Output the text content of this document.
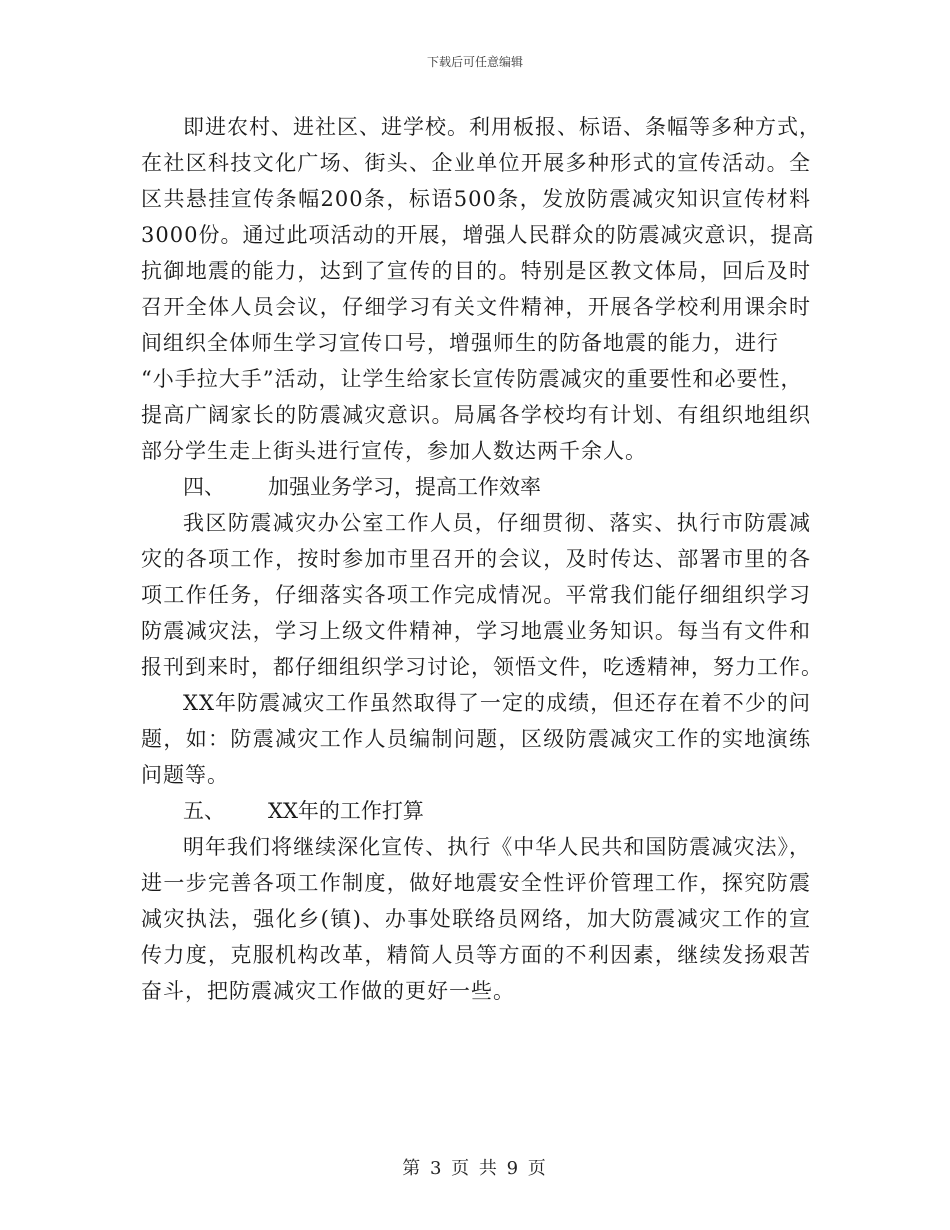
下载后可任意编辑
即进农村、进社区、进学校。利用板报、标语、条幅等多种方式，
在社区科技文化广场、街头、企业单位开展多种形式的宣传活动。全
区共悬挂宣传条幅200条，标语500条，发放防震减灾知识宣传材料
3000份。通过此项活动的开展，增强人民群众的防震减灾意识，提高
抗御地震的能力，达到了宣传的目的。特别是区教文体局，回后及时
召开全体人员会议，仔细学习有关文件精神，开展各学校利用课余时
间组织全体师生学习宣传口号，增强师生的防备地震的能力，进行
“小手拉大手”活动，让学生给家长宣传防震减灾的重要性和必要性，
提高广阔家长的防震减灾意识。局属各学校均有计划、有组织地组织
部分学生走上街头进行宣传，参加人数达两千余人。
四、 加强业务学习，提高工作效率
我区防震减灾办公室工作人员，仔细贯彻、落实、执行市防震减
灾的各项工作，按时参加市里召开的会议，及时传达、部署市里的各
项工作任务，仔细落实各项工作完成情况。平常我们能仔细组织学习
防震减灾法，学习上级文件精神，学习地震业务知识。每当有文件和
报刊到来时，都仔细组织学习讨论，领悟文件，吃透精神，努力工作。
XX年防震减灾工作虽然取得了一定的成绩，但还存在着不少的问
题，如：防震减灾工作人员编制问题，区级防震减灾工作的实地演练
问题等。
五、 XX年的工作打算
明年我们将继续深化宣传、执行《中华人民共和国防震减灾法》，
进一步完善各项工作制度，做好地震安全性评价管理工作，探究防震
减灾执法，强化乡(镇)、办事处联络员网络，加大防震减灾工作的宣
传力度，克服机构改革，精简人员等方面的不利因素，继续发扬艰苦
奋斗，把防震减灾工作做的更好一些。
第 3 页 共 9 页
